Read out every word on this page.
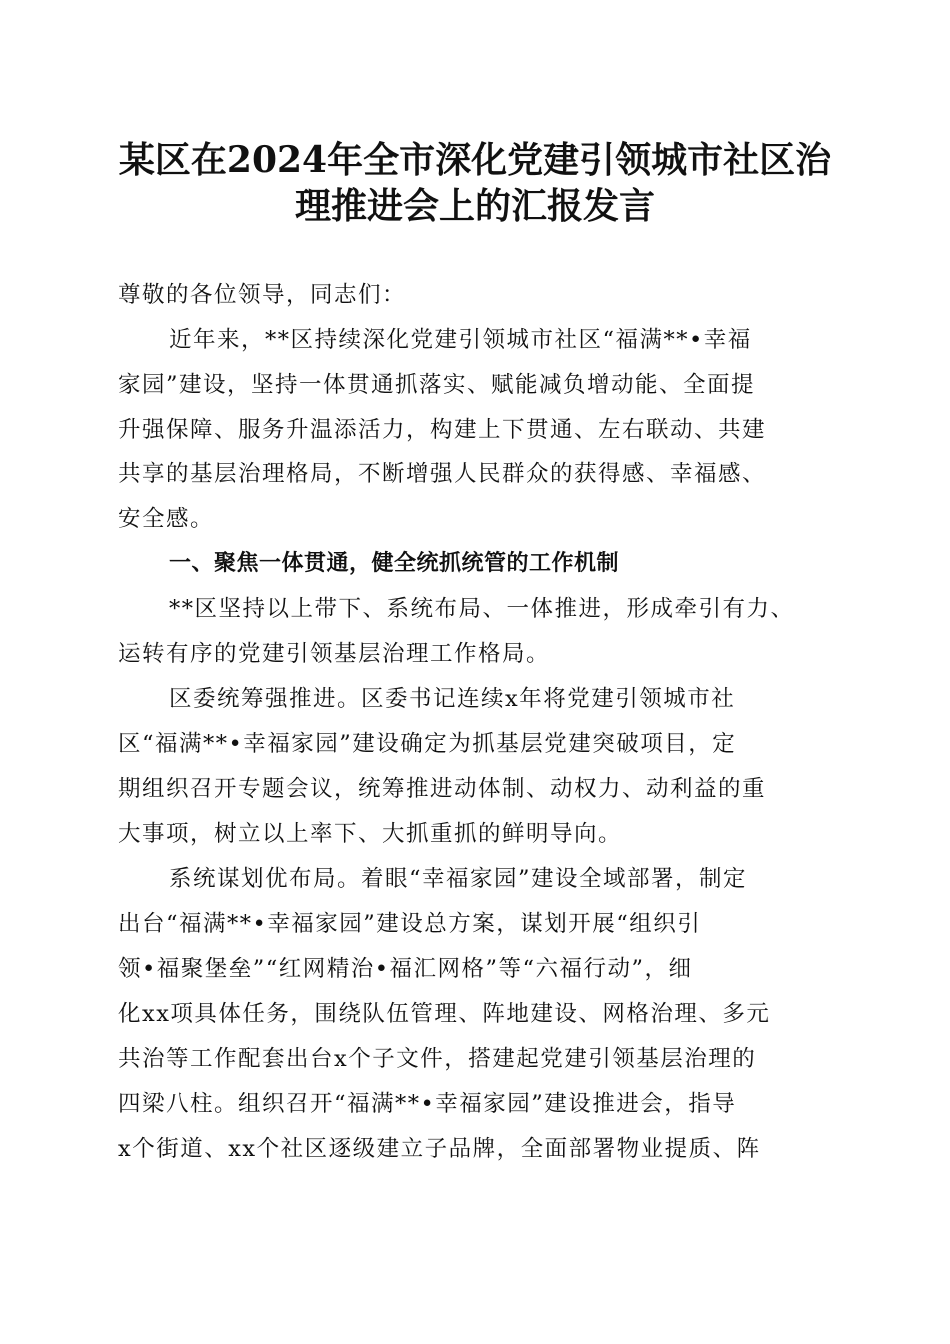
某区在2024年全市深化党建引领城市社区治
理推进会上的汇报发言
尊敬的各位领导，同志们：
近年来，**区持续深化党建引领城市社区“福满**•幸福
家园”建设，坚持一体贯通抓落实、赋能减负增动能、全面提
升强保障、服务升温添活力，构建上下贯通、左右联动、共建
共享的基层治理格局，不断增强人民群众的获得感、幸福感、
安全感。
一、聚焦一体贯通，健全统抓统管的工作机制
**区坚持以上带下、系统布局、一体推进，形成牵引有力、
运转有序的党建引领基层治理工作格局。
区委统筹强推进。区委书记连续x年将党建引领城市社
区“福满**•幸福家园”建设确定为抓基层党建突破项目，定
期组织召开专题会议，统筹推进动体制、动权力、动利益的重
大事项，树立以上率下、大抓重抓的鲜明导向。
系统谋划优布局。着眼“幸福家园”建设全域部署，制定
出台“福满**•幸福家园”建设总方案，谋划开展“组织引
领•福聚堡垒”“红网精治•福汇网格”等“六福行动”，细
化xx项具体任务，围绕队伍管理、阵地建设、网格治理、多元
共治等工作配套出台x个子文件，搭建起党建引领基层治理的
四梁八柱。组织召开“福满**•幸福家园”建设推进会，指导
x个街道、xx个社区逐级建立子品牌，全面部署物业提质、阵
